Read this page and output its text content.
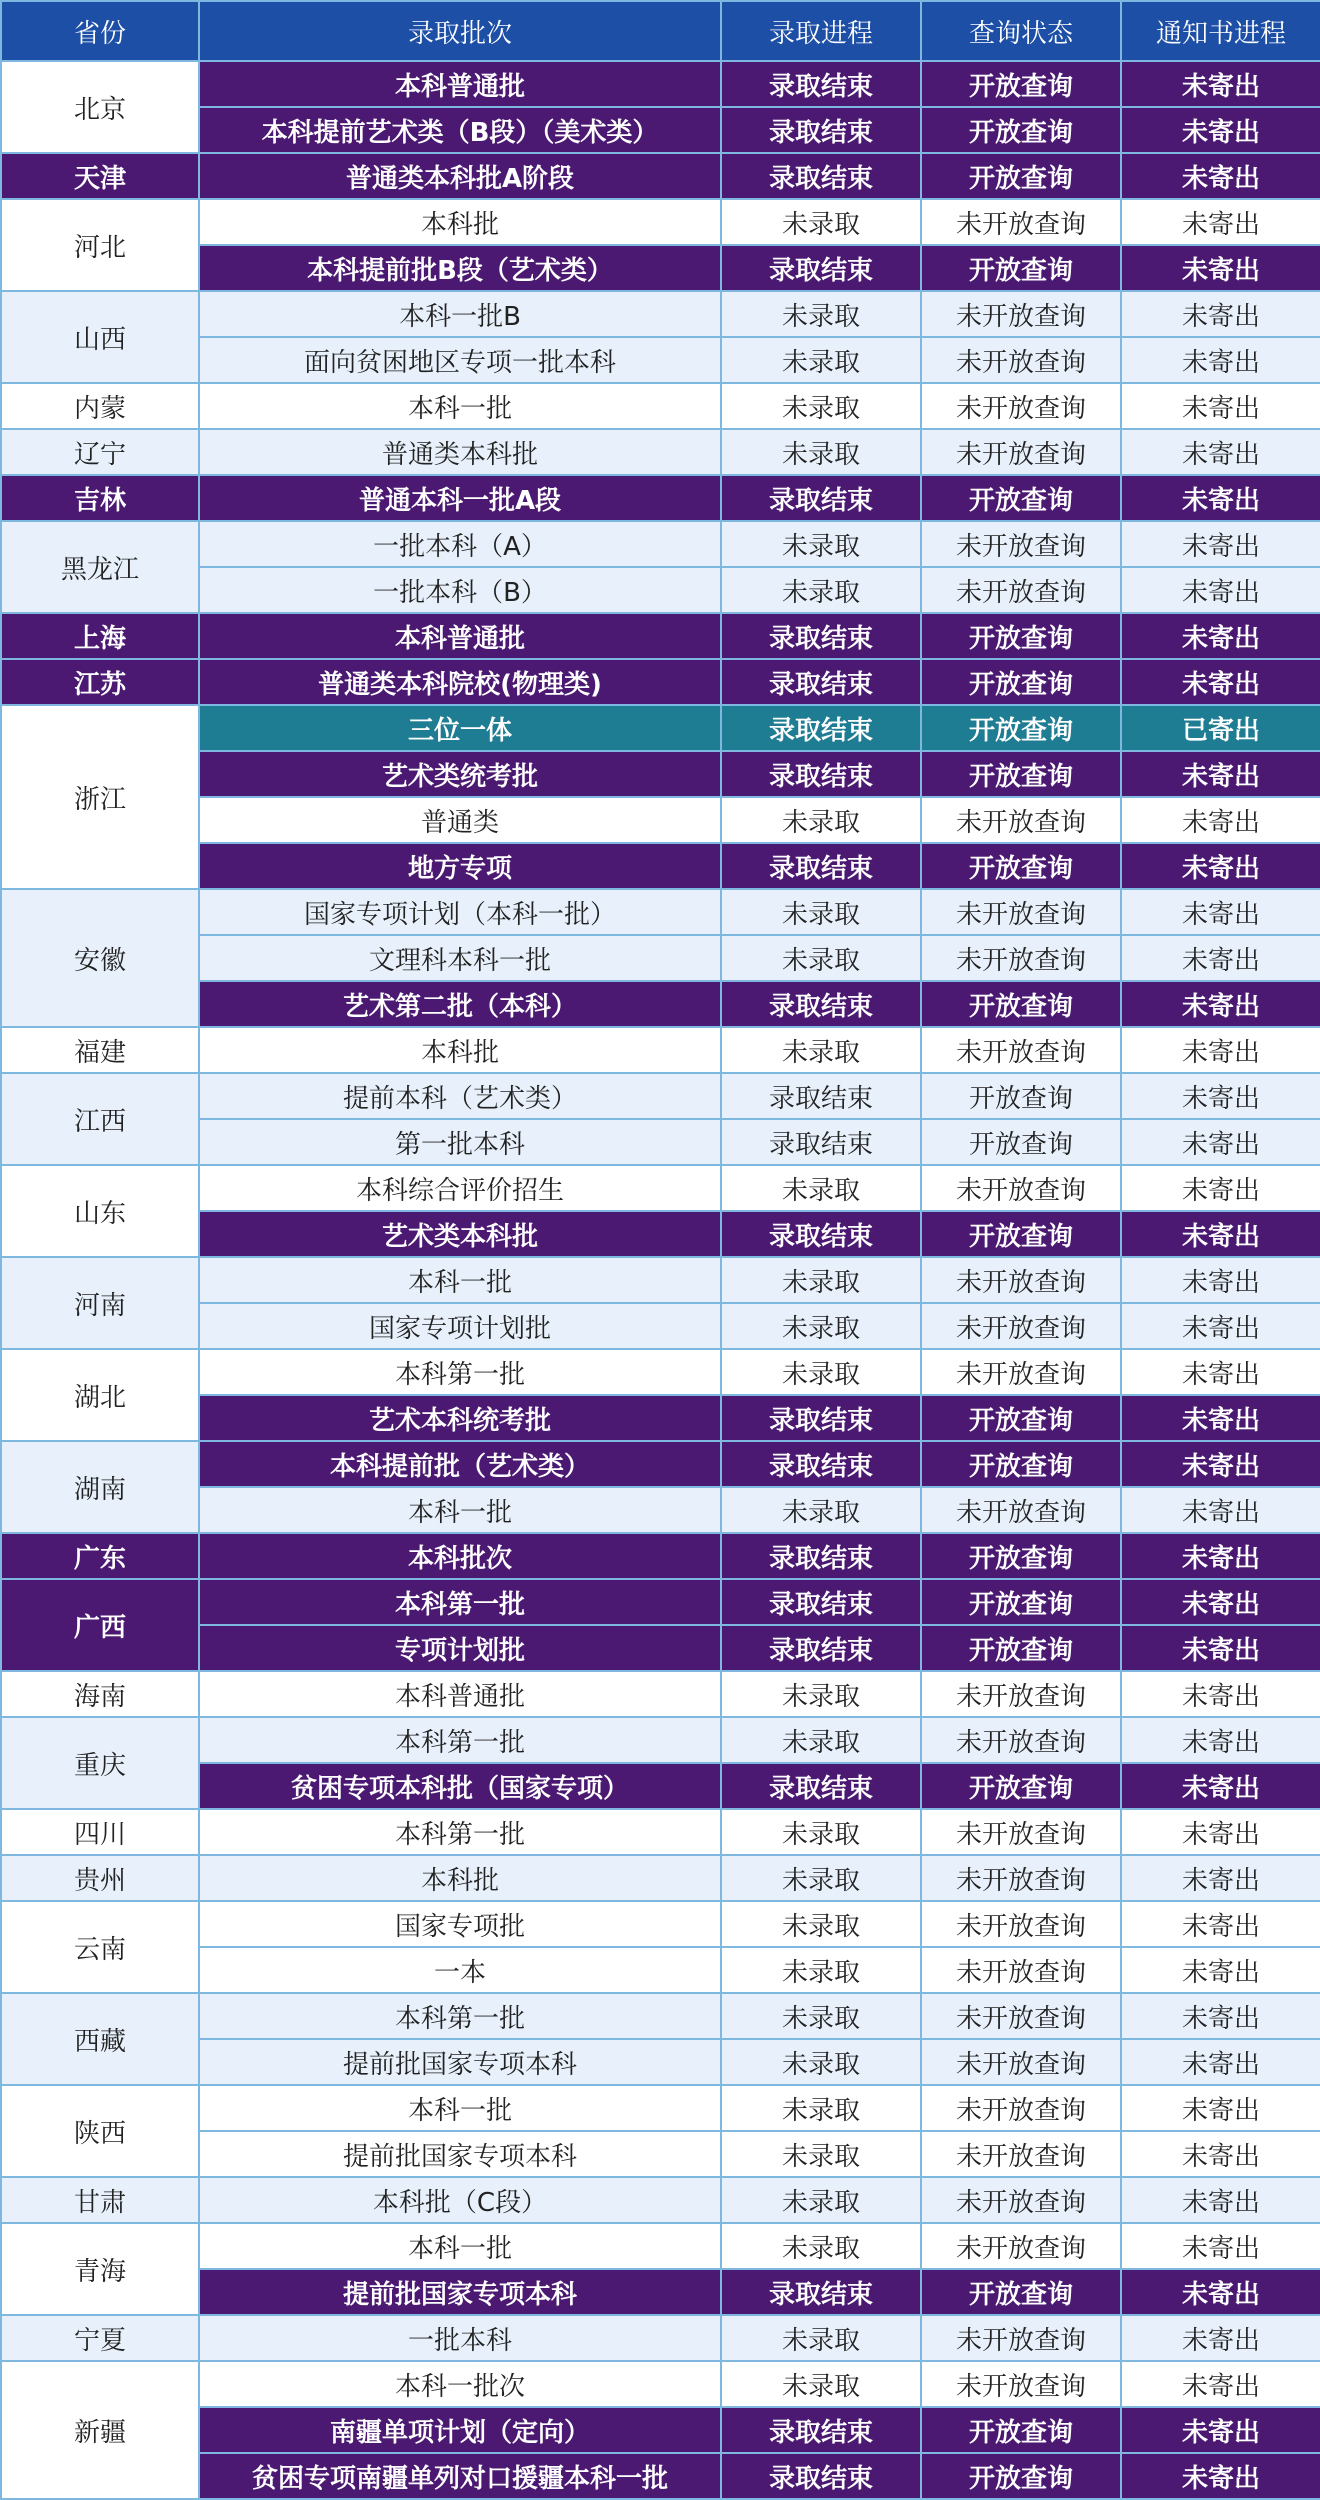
省份	录取批次	录取进程	查询状态	通知书进程
北京	本科普通批	录取结束	开放查询	未寄出
	本科提前艺术类（B段）（美术类）	录取结束	开放查询	未寄出
天津	普通类本科批A阶段	录取结束	开放查询	未寄出
河北	本科批	未录取	未开放查询	未寄出
	本科提前批B段（艺术类）	录取结束	开放查询	未寄出
山西	本科一批B	未录取	未开放查询	未寄出
	面向贫困地区专项一批本科	未录取	未开放查询	未寄出
内蒙	本科一批	未录取	未开放查询	未寄出
辽宁	普通类本科批	未录取	未开放查询	未寄出
吉林	普通本科一批A段	录取结束	开放查询	未寄出
黑龙江	一批本科（A）	未录取	未开放查询	未寄出
	一批本科（B）	未录取	未开放查询	未寄出
上海	本科普通批	录取结束	开放查询	未寄出
江苏	普通类本科院校(物理类)	录取结束	开放查询	未寄出
浙江	三位一体	录取结束	开放查询	已寄出
	艺术类统考批	录取结束	开放查询	未寄出
	普通类	未录取	未开放查询	未寄出
	地方专项	录取结束	开放查询	未寄出
安徽	国家专项计划（本科一批）	未录取	未开放查询	未寄出
	文理科本科一批	未录取	未开放查询	未寄出
	艺术第二批（本科）	录取结束	开放查询	未寄出
福建	本科批	未录取	未开放查询	未寄出
江西	提前本科（艺术类）	录取结束	开放查询	未寄出
	第一批本科	录取结束	开放查询	未寄出
山东	本科综合评价招生	未录取	未开放查询	未寄出
	艺术类本科批	录取结束	开放查询	未寄出
河南	本科一批	未录取	未开放查询	未寄出
	国家专项计划批	未录取	未开放查询	未寄出
湖北	本科第一批	未录取	未开放查询	未寄出
	艺术本科统考批	录取结束	开放查询	未寄出
湖南	本科提前批（艺术类）	录取结束	开放查询	未寄出
	本科一批	未录取	未开放查询	未寄出
广东	本科批次	录取结束	开放查询	未寄出
广西	本科第一批	录取结束	开放查询	未寄出
	专项计划批	录取结束	开放查询	未寄出
海南	本科普通批	未录取	未开放查询	未寄出
重庆	本科第一批	未录取	未开放查询	未寄出
	贫困专项本科批（国家专项）	录取结束	开放查询	未寄出
四川	本科第一批	未录取	未开放查询	未寄出
贵州	本科批	未录取	未开放查询	未寄出
云南	国家专项批	未录取	未开放查询	未寄出
	一本	未录取	未开放查询	未寄出
西藏	本科第一批	未录取	未开放查询	未寄出
	提前批国家专项本科	未录取	未开放查询	未寄出
陕西	本科一批	未录取	未开放查询	未寄出
	提前批国家专项本科	未录取	未开放查询	未寄出
甘肃	本科批（C段）	未录取	未开放查询	未寄出
青海	本科一批	未录取	未开放查询	未寄出
	提前批国家专项本科	录取结束	开放查询	未寄出
宁夏	一批本科	未录取	未开放查询	未寄出
新疆	本科一批次	未录取	未开放查询	未寄出
	南疆单项计划（定向）	录取结束	开放查询	未寄出
	贫困专项南疆单列对口援疆本科一批	录取结束	开放查询	未寄出
